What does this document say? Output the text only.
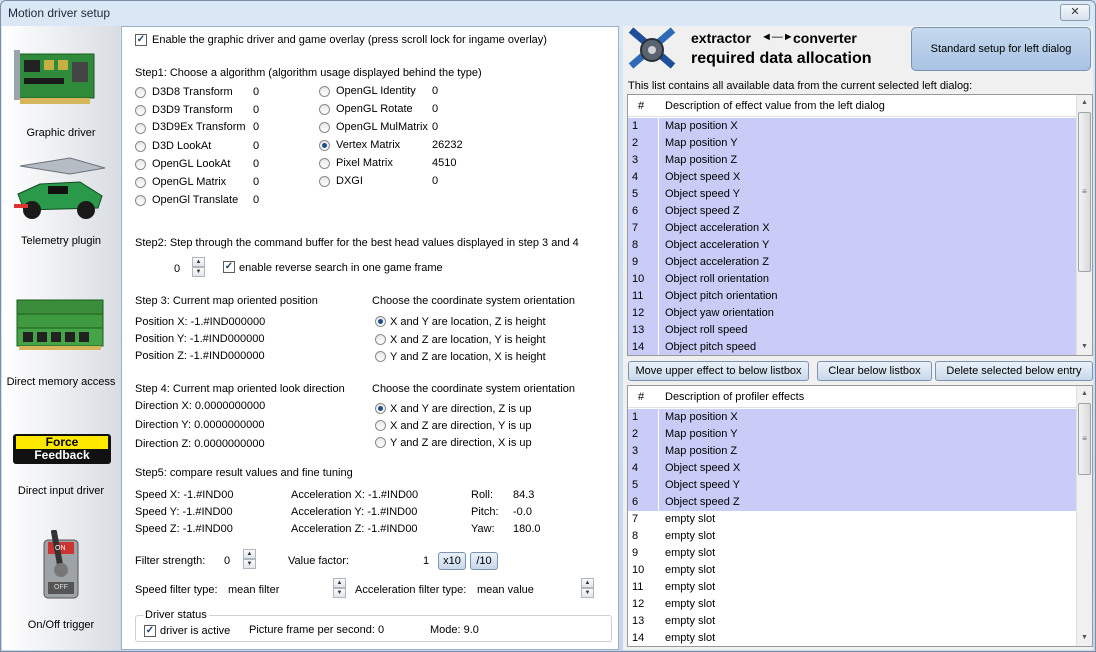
Motion driver setup	✕
Graphic driver
Telemetry plugin
Direct memory access
Force
Feedback
Direct input driver
ON
OFF
On/Off trigger
✓ Enable the graphic driver and game overlay (press scroll lock for ingame overlay)
Step1: Choose a algorithm (algorithm usage displayed behind the type)
D3D8 Transform 0
D3D9 Transform 0
D3D9Ex Transform 0
D3D LookAt	0
OpenGL LookAt 0
OpenGL Matrix 0
OpenGl Translate 0
OpenGL Identity 0
OpenGL Rotate 0
OpenGL MulMatrix 0
Vertex Matrix	26232
Pixel Matrix	4510
DXGI	0
Step2: Step through the command buffer for the best head values displayed in step 3 and 4
0
▲
▼	✓ enable reverse search in one game frame
Step 3: Current map oriented position
Position X: -1.#IND000000
Position Y: -1.#IND000000
Position Z: -1.#IND000000
Choose the coordinate system orientation
X and Y are location, Z is height
X and Z are location, Y is height
Y and Z are location, X is height
Step 4: Current map oriented look direction
Direction X: 0.0000000000
Direction Y: 0.0000000000
Direction Z: 0.0000000000
Choose the coordinate system orientation
X and Y are direction, Z is up
X and Z are direction, Y is up
Y and Z are direction, X is up
Step5: compare result values and fine tuning
Speed X: -1.#IND00
Speed Y: -1.#IND00
Speed Z: -1.#IND00
Acceleration X: -1.#IND00
Acceleration Y: -1.#IND00
Acceleration Z: -1.#IND00
Roll: 84.3
Pitch: -0.0
Yaw: 180.0
Filter strength: 0
▲
▼	Value factor:	1	x10	/10
Speed filter type: mean filter
▲
▼	Acceleration filter type: mean value
▲
▼
Driver status
✓ driver is active Picture frame per second: 0	Mode: 9.0
extractor ◄—► converter
required data allocation
Standard setup for left dialog
This list contains all available data from the current selected left dialog:
# Description of effect value from the left dialog
1	Map position X
2	Map position Y
3	Map position Z
4	Object speed X
5	Object speed Y
6	Object speed Z
7	Object acceleration X
8	Object acceleration Y
9	Object acceleration Z
10	Object roll orientation
11	Object pitch orientation
12	Object yaw orientation
13	Object roll speed
14	Object pitch speed
▲
≡
▼
Move upper effect to below listbox	Clear below listbox	Delete selected below entry
# Description of profiler effects
1	Map position X
2	Map position Y
3	Map position Z
4	Object speed X
5	Object speed Y
6	Object speed Z
7	empty slot
8	empty slot
9	empty slot
10	empty slot
11	empty slot
12	empty slot
13	empty slot
14	empty slot
▲
≡
▼
